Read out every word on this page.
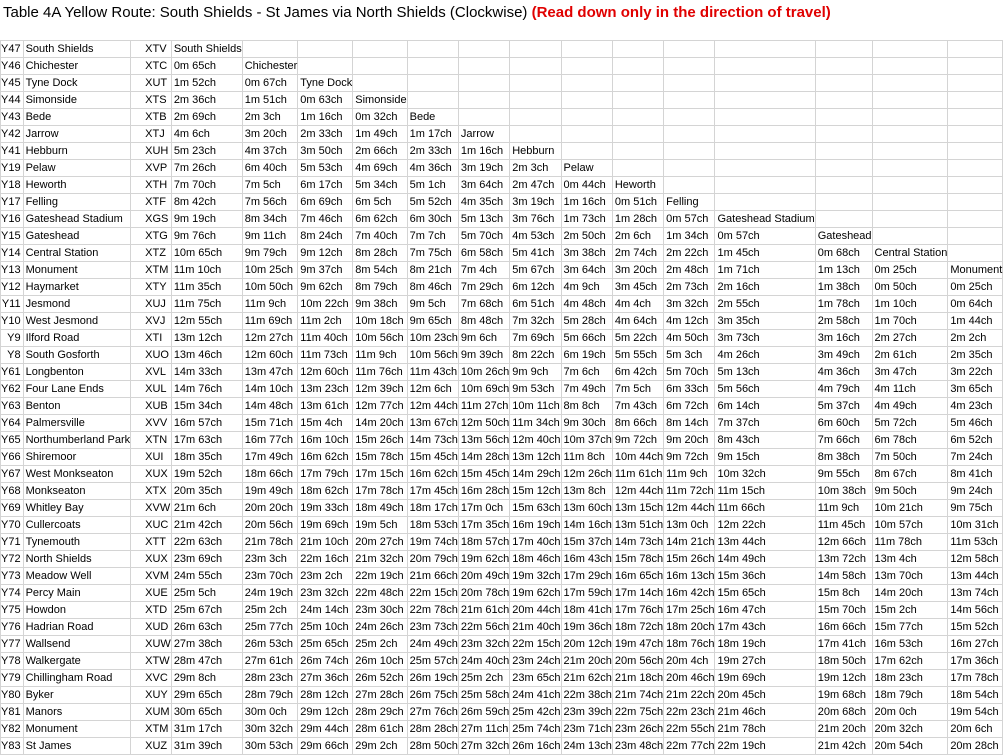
Table 4A Yellow Route: South Shields - St James via North Shields (Clockwise) (Read down only in the direction of travel)
Y47	South Shields	XTV	South Shields													
Y46	Chichester	XTC	0m 65ch	Chichester												
Y45	Tyne Dock	XUT	1m 52ch	0m 67ch	Tyne Dock											
Y44	Simonside	XTS	2m 36ch	1m 51ch	0m 63ch	Simonside										
Y43	Bede	XTB	2m 69ch	2m 3ch	1m 16ch	0m 32ch	Bede									
Y42	Jarrow	XTJ	4m 6ch	3m 20ch	2m 33ch	1m 49ch	1m 17ch	Jarrow								
Y41	Hebburn	XUH	5m 23ch	4m 37ch	3m 50ch	2m 66ch	2m 33ch	1m 16ch	Hebburn							
Y19	Pelaw	XVP	7m 26ch	6m 40ch	5m 53ch	4m 69ch	4m 36ch	3m 19ch	2m 3ch	Pelaw						
Y18	Heworth	XTH	7m 70ch	7m 5ch	6m 17ch	5m 34ch	5m 1ch	3m 64ch	2m 47ch	0m 44ch	Heworth					
Y17	Felling	XTF	8m 42ch	7m 56ch	6m 69ch	6m 5ch	5m 52ch	4m 35ch	3m 19ch	1m 16ch	0m 51ch	Felling				
Y16	Gateshead Stadium	XGS	9m 19ch	8m 34ch	7m 46ch	6m 62ch	6m 30ch	5m 13ch	3m 76ch	1m 73ch	1m 28ch	0m 57ch	Gateshead Stadium			
Y15	Gateshead	XTG	9m 76ch	9m 11ch	8m 24ch	7m 40ch	7m 7ch	5m 70ch	4m 53ch	2m 50ch	2m 6ch	1m 34ch	0m 57ch	Gateshead		
Y14	Central Station	XTZ	10m 65ch	9m 79ch	9m 12ch	8m 28ch	7m 75ch	6m 58ch	5m 41ch	3m 38ch	2m 74ch	2m 22ch	1m 45ch	0m 68ch	Central Station	
Y13	Monument	XTM	11m 10ch	10m 25ch	9m 37ch	8m 54ch	8m 21ch	7m 4ch	5m 67ch	3m 64ch	3m 20ch	2m 48ch	1m 71ch	1m 13ch	0m 25ch	Monument
Y12	Haymarket	XTY	11m 35ch	10m 50ch	9m 62ch	8m 79ch	8m 46ch	7m 29ch	6m 12ch	4m 9ch	3m 45ch	2m 73ch	2m 16ch	1m 38ch	0m 50ch	0m 25ch
Y11	Jesmond	XUJ	11m 75ch	11m 9ch	10m 22ch	9m 38ch	9m 5ch	7m 68ch	6m 51ch	4m 48ch	4m 4ch	3m 32ch	2m 55ch	1m 78ch	1m 10ch	0m 64ch
Y10	West Jesmond	XVJ	12m 55ch	11m 69ch	11m 2ch	10m 18ch	9m 65ch	8m 48ch	7m 32ch	5m 28ch	4m 64ch	4m 12ch	3m 35ch	2m 58ch	1m 70ch	1m 44ch
Y9	Ilford Road	XTI	13m 12ch	12m 27ch	11m 40ch	10m 56ch	10m 23ch	9m 6ch	7m 69ch	5m 66ch	5m 22ch	4m 50ch	3m 73ch	3m 16ch	2m 27ch	2m 2ch
Y8	South Gosforth	XUO	13m 46ch	12m 60ch	11m 73ch	11m 9ch	10m 56ch	9m 39ch	8m 22ch	6m 19ch	5m 55ch	5m 3ch	4m 26ch	3m 49ch	2m 61ch	2m 35ch
Y61	Longbenton	XVL	14m 33ch	13m 47ch	12m 60ch	11m 76ch	11m 43ch	10m 26ch	9m 9ch	7m 6ch	6m 42ch	5m 70ch	5m 13ch	4m 36ch	3m 47ch	3m 22ch
Y62	Four Lane Ends	XUL	14m 76ch	14m 10ch	13m 23ch	12m 39ch	12m 6ch	10m 69ch	9m 53ch	7m 49ch	7m 5ch	6m 33ch	5m 56ch	4m 79ch	4m 11ch	3m 65ch
Y63	Benton	XUB	15m 34ch	14m 48ch	13m 61ch	12m 77ch	12m 44ch	11m 27ch	10m 11ch	8m 8ch	7m 43ch	6m 72ch	6m 14ch	5m 37ch	4m 49ch	4m 23ch
Y64	Palmersville	XVV	16m 57ch	15m 71ch	15m 4ch	14m 20ch	13m 67ch	12m 50ch	11m 34ch	9m 30ch	8m 66ch	8m 14ch	7m 37ch	6m 60ch	5m 72ch	5m 46ch
Y65	Northumberland Park	XTN	17m 63ch	16m 77ch	16m 10ch	15m 26ch	14m 73ch	13m 56ch	12m 40ch	10m 37ch	9m 72ch	9m 20ch	8m 43ch	7m 66ch	6m 78ch	6m 52ch
Y66	Shiremoor	XUI	18m 35ch	17m 49ch	16m 62ch	15m 78ch	15m 45ch	14m 28ch	13m 12ch	11m 8ch	10m 44ch	9m 72ch	9m 15ch	8m 38ch	7m 50ch	7m 24ch
Y67	West Monkseaton	XUX	19m 52ch	18m 66ch	17m 79ch	17m 15ch	16m 62ch	15m 45ch	14m 29ch	12m 26ch	11m 61ch	11m 9ch	10m 32ch	9m 55ch	8m 67ch	8m 41ch
Y68	Monkseaton	XTX	20m 35ch	19m 49ch	18m 62ch	17m 78ch	17m 45ch	16m 28ch	15m 12ch	13m 8ch	12m 44ch	11m 72ch	11m 15ch	10m 38ch	9m 50ch	9m 24ch
Y69	Whitley Bay	XVW	21m 6ch	20m 20ch	19m 33ch	18m 49ch	18m 17ch	17m 0ch	15m 63ch	13m 60ch	13m 15ch	12m 44ch	11m 66ch	11m 9ch	10m 21ch	9m 75ch
Y70	Cullercoats	XUC	21m 42ch	20m 56ch	19m 69ch	19m 5ch	18m 53ch	17m 35ch	16m 19ch	14m 16ch	13m 51ch	13m 0ch	12m 22ch	11m 45ch	10m 57ch	10m 31ch
Y71	Tynemouth	XTT	22m 63ch	21m 78ch	21m 10ch	20m 27ch	19m 74ch	18m 57ch	17m 40ch	15m 37ch	14m 73ch	14m 21ch	13m 44ch	12m 66ch	11m 78ch	11m 53ch
Y72	North Shields	XUX	23m 69ch	23m 3ch	22m 16ch	21m 32ch	20m 79ch	19m 62ch	18m 46ch	16m 43ch	15m 78ch	15m 26ch	14m 49ch	13m 72ch	13m 4ch	12m 58ch
Y73	Meadow Well	XVM	24m 55ch	23m 70ch	23m 2ch	22m 19ch	21m 66ch	20m 49ch	19m 32ch	17m 29ch	16m 65ch	16m 13ch	15m 36ch	14m 58ch	13m 70ch	13m 44ch
Y74	Percy Main	XUE	25m 5ch	24m 19ch	23m 32ch	22m 48ch	22m 15ch	20m 78ch	19m 62ch	17m 59ch	17m 14ch	16m 42ch	15m 65ch	15m 8ch	14m 20ch	13m 74ch
Y75	Howdon	XTD	25m 67ch	25m 2ch	24m 14ch	23m 30ch	22m 78ch	21m 61ch	20m 44ch	18m 41ch	17m 76ch	17m 25ch	16m 47ch	15m 70ch	15m 2ch	14m 56ch
Y76	Hadrian Road	XUD	26m 63ch	25m 77ch	25m 10ch	24m 26ch	23m 73ch	22m 56ch	21m 40ch	19m 36ch	18m 72ch	18m 20ch	17m 43ch	16m 66ch	15m 77ch	15m 52ch
Y77	Wallsend	XUW	27m 38ch	26m 53ch	25m 65ch	25m 2ch	24m 49ch	23m 32ch	22m 15ch	20m 12ch	19m 47ch	18m 76ch	18m 19ch	17m 41ch	16m 53ch	16m 27ch
Y78	Walkergate	XTW	28m 47ch	27m 61ch	26m 74ch	26m 10ch	25m 57ch	24m 40ch	23m 24ch	21m 20ch	20m 56ch	20m 4ch	19m 27ch	18m 50ch	17m 62ch	17m 36ch
Y79	Chillingham Road	XVC	29m 8ch	28m 23ch	27m 36ch	26m 52ch	26m 19ch	25m 2ch	23m 65ch	21m 62ch	21m 18ch	20m 46ch	19m 69ch	19m 12ch	18m 23ch	17m 78ch
Y80	Byker	XUY	29m 65ch	28m 79ch	28m 12ch	27m 28ch	26m 75ch	25m 58ch	24m 41ch	22m 38ch	21m 74ch	21m 22ch	20m 45ch	19m 68ch	18m 79ch	18m 54ch
Y81	Manors	XUM	30m 65ch	30m 0ch	29m 12ch	28m 29ch	27m 76ch	26m 59ch	25m 42ch	23m 39ch	22m 75ch	22m 23ch	21m 46ch	20m 68ch	20m 0ch	19m 54ch
Y82	Monument	XTM	31m 17ch	30m 32ch	29m 44ch	28m 61ch	28m 28ch	27m 11ch	25m 74ch	23m 71ch	23m 26ch	22m 55ch	21m 78ch	21m 20ch	20m 32ch	20m 6ch
Y83	St James	XUZ	31m 39ch	30m 53ch	29m 66ch	29m 2ch	28m 50ch	27m 32ch	26m 16ch	24m 13ch	23m 48ch	22m 77ch	22m 19ch	21m 42ch	20m 54ch	20m 28ch
